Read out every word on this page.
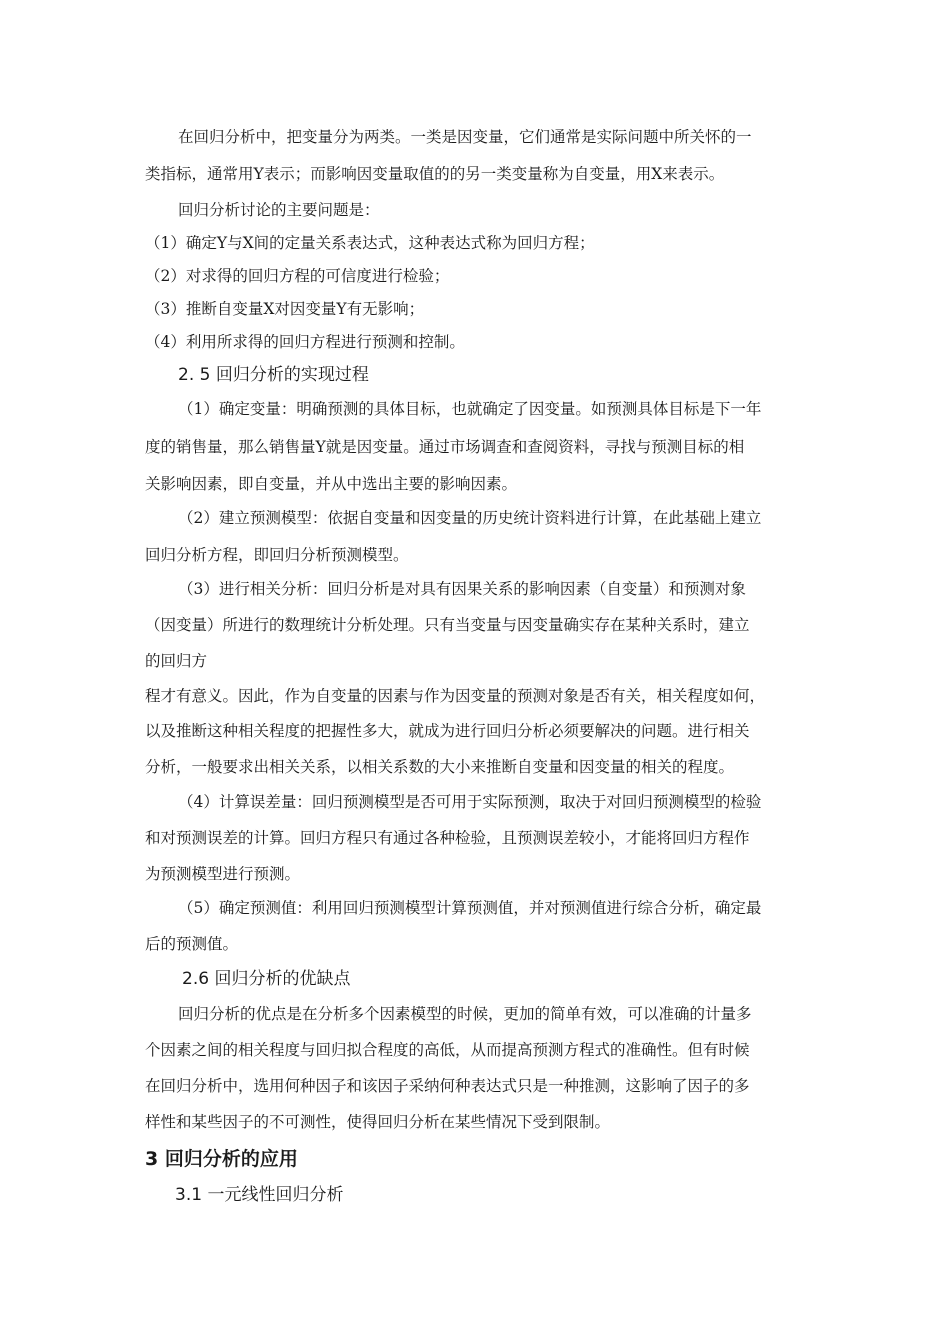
在回归分析中，把变量分为两类。一类是因变量，它们通常是实际问题中所关怀的一
类指标，通常用Y表示；而影响因变量取值的的另一类变量称为自变量，用X来表示。
回归分析讨论的主要问题是：
（1）确定Y与X间的定量关系表达式，这种表达式称为回归方程；
（2）对求得的回归方程的可信度进行检验；
（3）推断自变量X对因变量Y有无影响；
（4）利用所求得的回归方程进行预测和控制。
2. 5 回归分析的实现过程
（1）确定变量：明确预测的具体目标，也就确定了因变量。如预测具体目标是下一年
度的销售量，那么销售量Y就是因变量。通过市场调查和查阅资料，寻找与预测目标的相
关影响因素，即自变量，并从中选出主要的影响因素。
（2）建立预测模型：依据自变量和因变量的历史统计资料进行计算，在此基础上建立
回归分析方程，即回归分析预测模型。
（3）进行相关分析：回归分析是对具有因果关系的影响因素（自变量）和预测对象
（因变量）所进行的数理统计分析处理。只有当变量与因变量确实存在某种关系时，建立
的回归方
程才有意义。因此，作为自变量的因素与作为因变量的预测对象是否有关，相关程度如何，
以及推断这种相关程度的把握性多大，就成为进行回归分析必须要解决的问题。进行相关
分析，一般要求出相关关系，以相关系数的大小来推断自变量和因变量的相关的程度。
（4）计算误差量：回归预测模型是否可用于实际预测，取决于对回归预测模型的检验
和对预测误差的计算。回归方程只有通过各种检验，且预测误差较小，才能将回归方程作
为预测模型进行预测。
（5）确定预测值：利用回归预测模型计算预测值，并对预测值进行综合分析，确定最
后的预测值。
2.6 回归分析的优缺点
回归分析的优点是在分析多个因素模型的时候，更加的简单有效，可以准确的计量多
个因素之间的相关程度与回归拟合程度的高低，从而提高预测方程式的准确性。但有时候
在回归分析中，选用何种因子和该因子采纳何种表达式只是一种推测，这影响了因子的多
样性和某些因子的不可测性，使得回归分析在某些情况下受到限制。
3 回归分析的应用
3.1 一元线性回归分析
